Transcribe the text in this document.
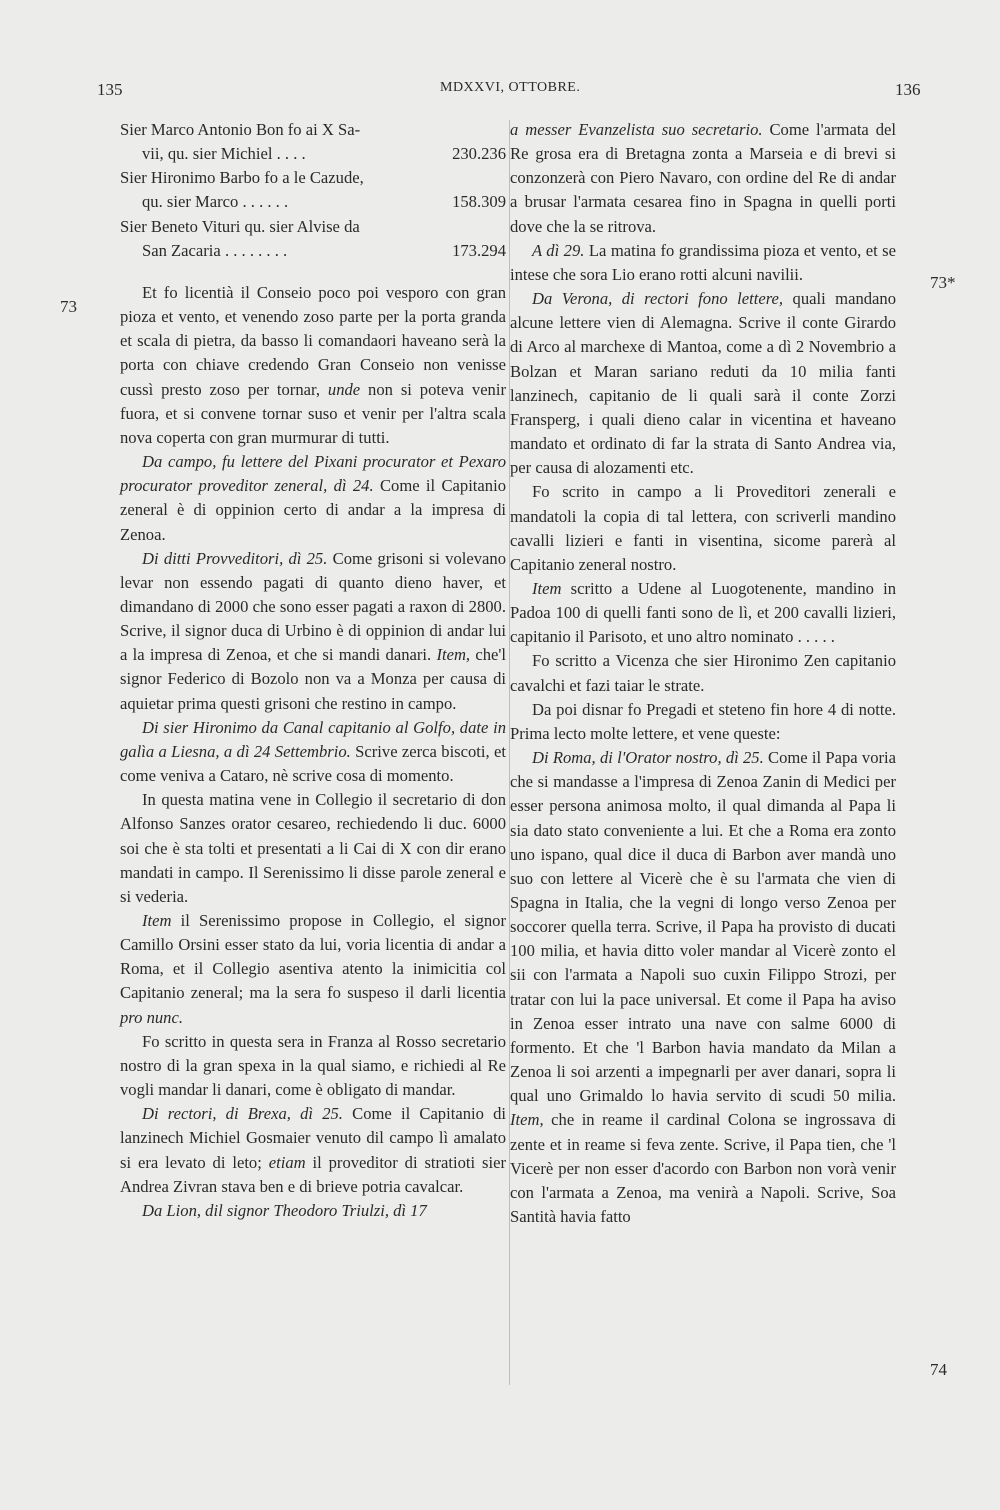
135	MDXXVI, OTTOBRE.	136
73
73*
74
Sier Marco Antonio Bon fo ai X Sa-
vii, qu. sier Michiel . . . .	230.236
Sier Hironimo Barbo fo a le Cazude,
qu. sier Marco . . . . . .	158.309
Sier Beneto Vituri qu. sier Alvise da
San Zacaria . . . . . . . .	173.294

Et fo licentià il Conseio poco poi vesporo con gran pioza et vento, et venendo zoso parte per la porta granda et scala di pietra, da basso li comandaori haveano serà la porta con chiave credendo Gran Conseio non venisse cussì presto zoso per tornar, unde non si poteva venir fuora, et si convene tornar suso et venir per l'altra scala nova coperta con gran murmurar di tutti.

Da campo, fu lettere del Pixani procurator et Pexaro procurator proveditor zeneral, dì 24. Come il Capitanio zeneral è di oppinion certo di andar a la impresa di Zenoa.

Di ditti Provveditori, dì 25. Come grisoni si volevano levar non essendo pagati di quanto dieno haver, et dimandano di 2000 che sono esser pagati a raxon di 2800. Scrive, il signor duca di Urbino è di oppinion di andar lui a la impresa di Zenoa, et che si mandi danari. Item, che'l signor Federico di Bozolo non va a Monza per causa di aquietar prima questi grisoni che restino in campo.

Di sier Hironimo da Canal capitanio al Golfo, date in galìa a Liesna, a dì 24 Settembrio. Scrive zerca biscoti, et come veniva a Cataro, nè scrive cosa di momento.

In questa matina vene in Collegio il secretario di don Alfonso Sanzes orator cesareo, rechiedendo li duc. 6000 soi che è sta tolti et presentati a li Cai di X con dir erano mandati in campo. Il Serenissimo li disse parole zeneral e si vederia.

Item il Serenissimo propose in Collegio, el signor Camillo Orsini esser stato da lui, voria licentia di andar a Roma, et il Collegio asentiva atento la inimicitia col Capitanio zeneral; ma la sera fo suspeso il darli licentia pro nunc.

Fo scritto in questa sera in Franza al Rosso secretario nostro di la gran spexa in la qual siamo, e richiedi al Re vogli mandar li danari, come è obligato di mandar.

Di rectori, di Brexa, dì 25. Come il Capitanio di lanzinech Michiel Gosmaier venuto dil campo lì amalato si era levato di leto; etiam il proveditor di stratioti sier Andrea Zivran stava ben e di brieve potria cavalcar.

Da Lion, dil signor Theodoro Triulzi, dì 17

a messer Evanzelista suo secretario. Come l'armata del Re grosa era di Bretagna zonta a Marseia e di brevi si conzonzerà con Piero Navaro, con ordine del Re di andar a brusar l'armata cesarea fino in Spagna in quelli porti dove che la se ritrova.

A dì 29. La matina fo grandissima pioza et vento, et se intese che sora Lio erano rotti alcuni navilii.

Da Verona, di rectori fono lettere, quali mandano alcune lettere vien di Alemagna. Scrive il conte Girardo di Arco al marchexe di Mantoa, come a dì 2 Novembrio a Bolzan et Maran sariano reduti da 10 milia fanti lanzinech, capitanio de li quali sarà il conte Zorzi Fransperg, i quali dieno calar in vicentina et haveano mandato et ordinato di far la strata di Santo Andrea via, per causa di alozamenti etc.

Fo scrito in campo a li Proveditori zenerali e mandatoli la copia di tal lettera, con scriverli mandino cavalli lizieri e fanti in visentina, sicome parerà al Capitanio zeneral nostro.

Item scritto a Udene al Luogotenente, mandino in Padoa 100 di quelli fanti sono de lì, et 200 cavalli lizieri, capitanio il Parisoto, et uno altro nominato . . . . .

Fo scritto a Vicenza che sier Hironimo Zen capitanio cavalchi et fazi taiar le strate.

Da poi disnar fo Pregadi et steteno fin hore 4 di notte. Prima lecto molte lettere, et vene queste:

Di Roma, di l'Orator nostro, dì 25. Come il Papa voria che si mandasse a l'impresa di Zenoa Zanin di Medici per esser persona animosa molto, il qual dimanda al Papa li sia dato stato conveniente a lui. Et che a Roma era zonto uno ispano, qual dice il duca di Barbon aver mandà uno suo con lettere al Vicerè che è su l'armata che vien di Spagna in Italia, che la vegni di longo verso Zenoa per soccorer quella terra. Scrive, il Papa ha provisto di ducati 100 milia, et havia ditto voler mandar al Vicerè zonto el sii con l'armata a Napoli suo cuxin Filippo Strozi, per tratar con lui la pace universal. Et come il Papa ha aviso in Zenoa esser intrato una nave con salme 6000 di formento. Et che 'l Barbon havia mandato da Milan a Zenoa li soi arzenti a impegnarli per aver danari, sopra li qual uno Grimaldo lo havia servito di scudi 50 milia. Item, che in reame il cardinal Colona se ingrossava di zente et in reame si feva zente. Scrive, il Papa tien, che 'l Vicerè per non esser d'acordo con Barbon non vorà venir con l'armata a Zenoa, ma venirà a Napoli. Scrive, Soa Santità havia fatto
